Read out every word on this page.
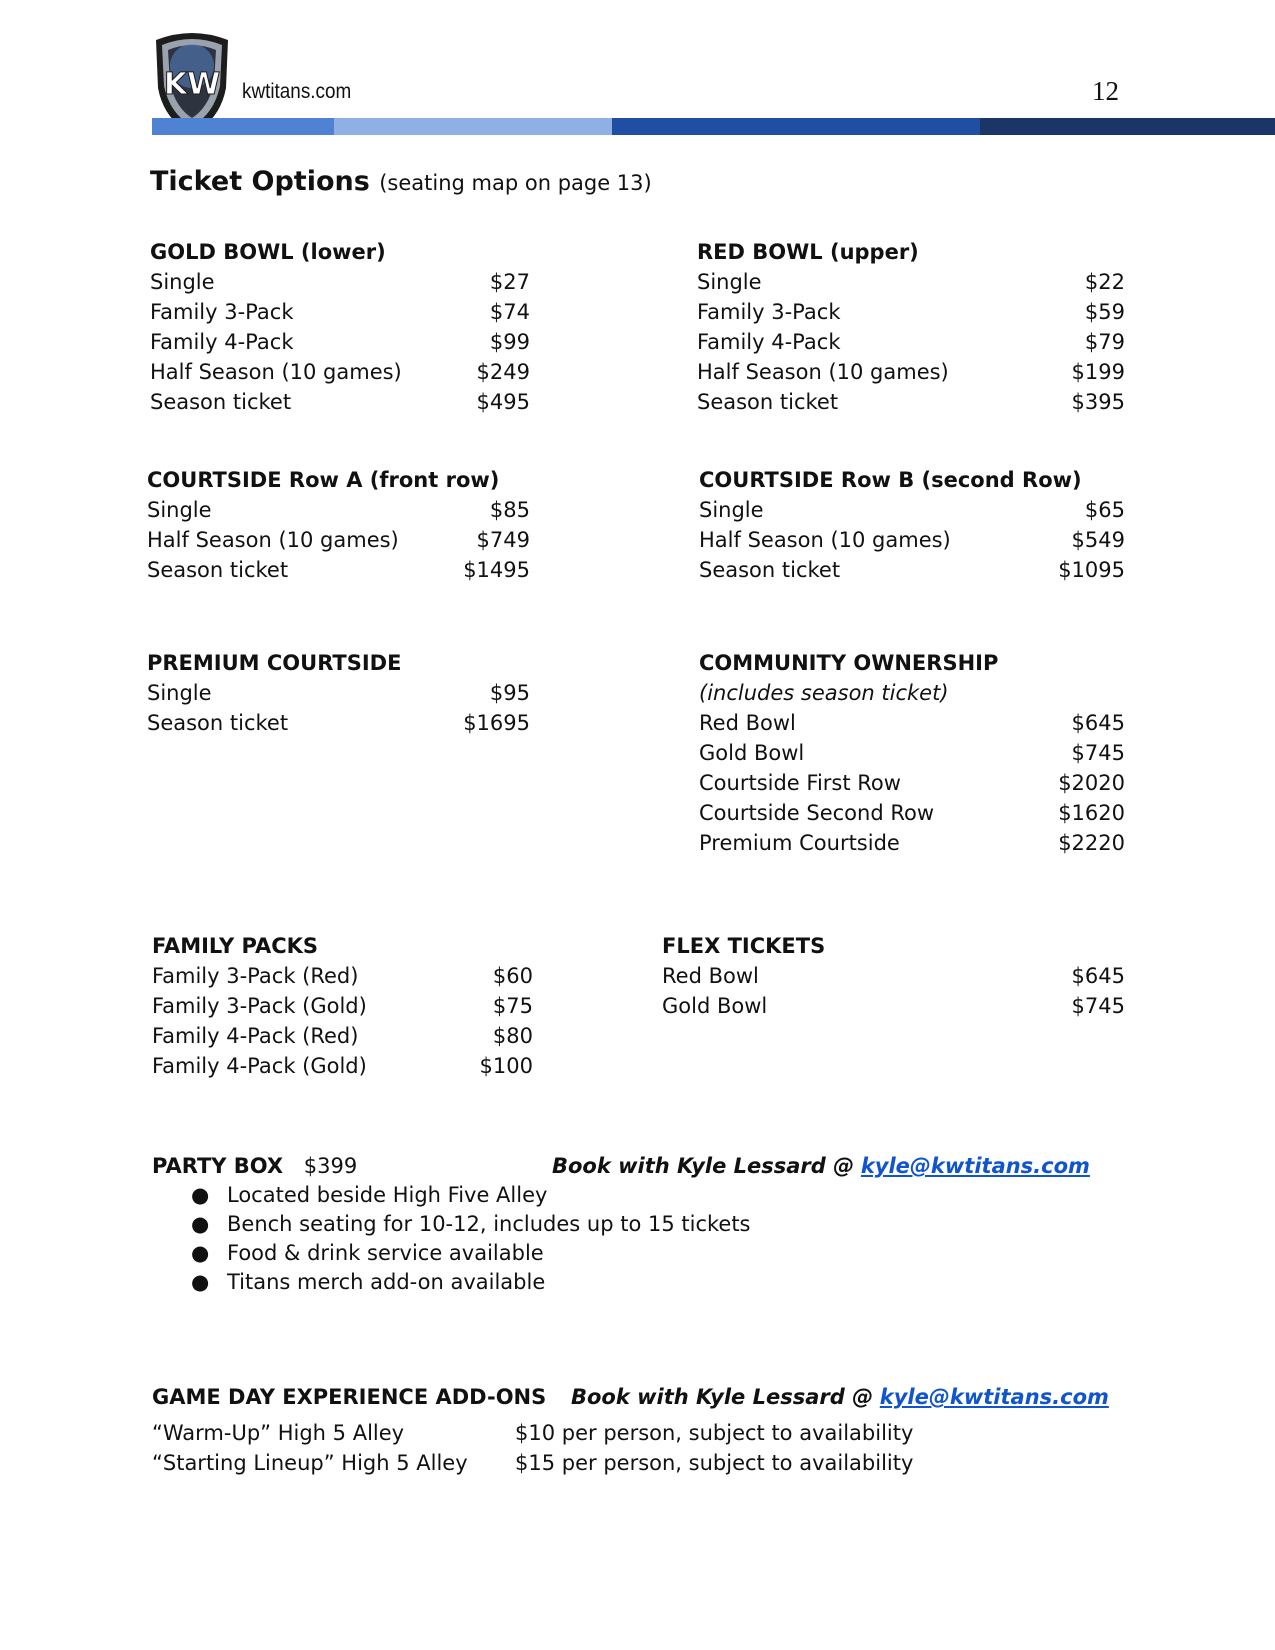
KW kwtitans.com	12
Ticket Options (seating map on page 13)
GOLD BOWL (lower)
Single	$27
Family 3-Pack	$74
Family 4-Pack	$99
Half Season (10 games)	$249
Season ticket	$495
RED BOWL (upper)
Single	$22
Family 3-Pack	$59
Family 4-Pack	$79
Half Season (10 games)	$199
Season ticket	$395
COURTSIDE Row A (front row)
Single	$85
Half Season (10 games)	$749
Season ticket	$1495
COURTSIDE Row B (second Row)
Single	$65
Half Season (10 games)	$549
Season ticket	$1095
PREMIUM COURTSIDE
Single	$95
Season ticket	$1695
COMMUNITY OWNERSHIP
(includes season ticket)
Red Bowl	$645
Gold Bowl	$745
Courtside First Row	$2020
Courtside Second Row	$1620
Premium Courtside	$2220
FAMILY PACKS
Family 3-Pack (Red)	$60
Family 3-Pack (Gold)	$75
Family 4-Pack (Red)	$80
Family 4-Pack (Gold)	$100
FLEX TICKETS
Red Bowl	$645
Gold Bowl	$745
PARTY BOX $399	Book with Kyle Lessard @ kyle@kwtitans.com
● Located beside High Five Alley
● Bench seating for 10-12, includes up to 15 tickets
● Food & drink service available
● Titans merch add-on available
GAME DAY EXPERIENCE ADD-ONS Book with Kyle Lessard @ kyle@kwtitans.com
“Warm-Up” High 5 Alley	$10 per person, subject to availability
“Starting Lineup” High 5 Alley	$15 per person, subject to availability
